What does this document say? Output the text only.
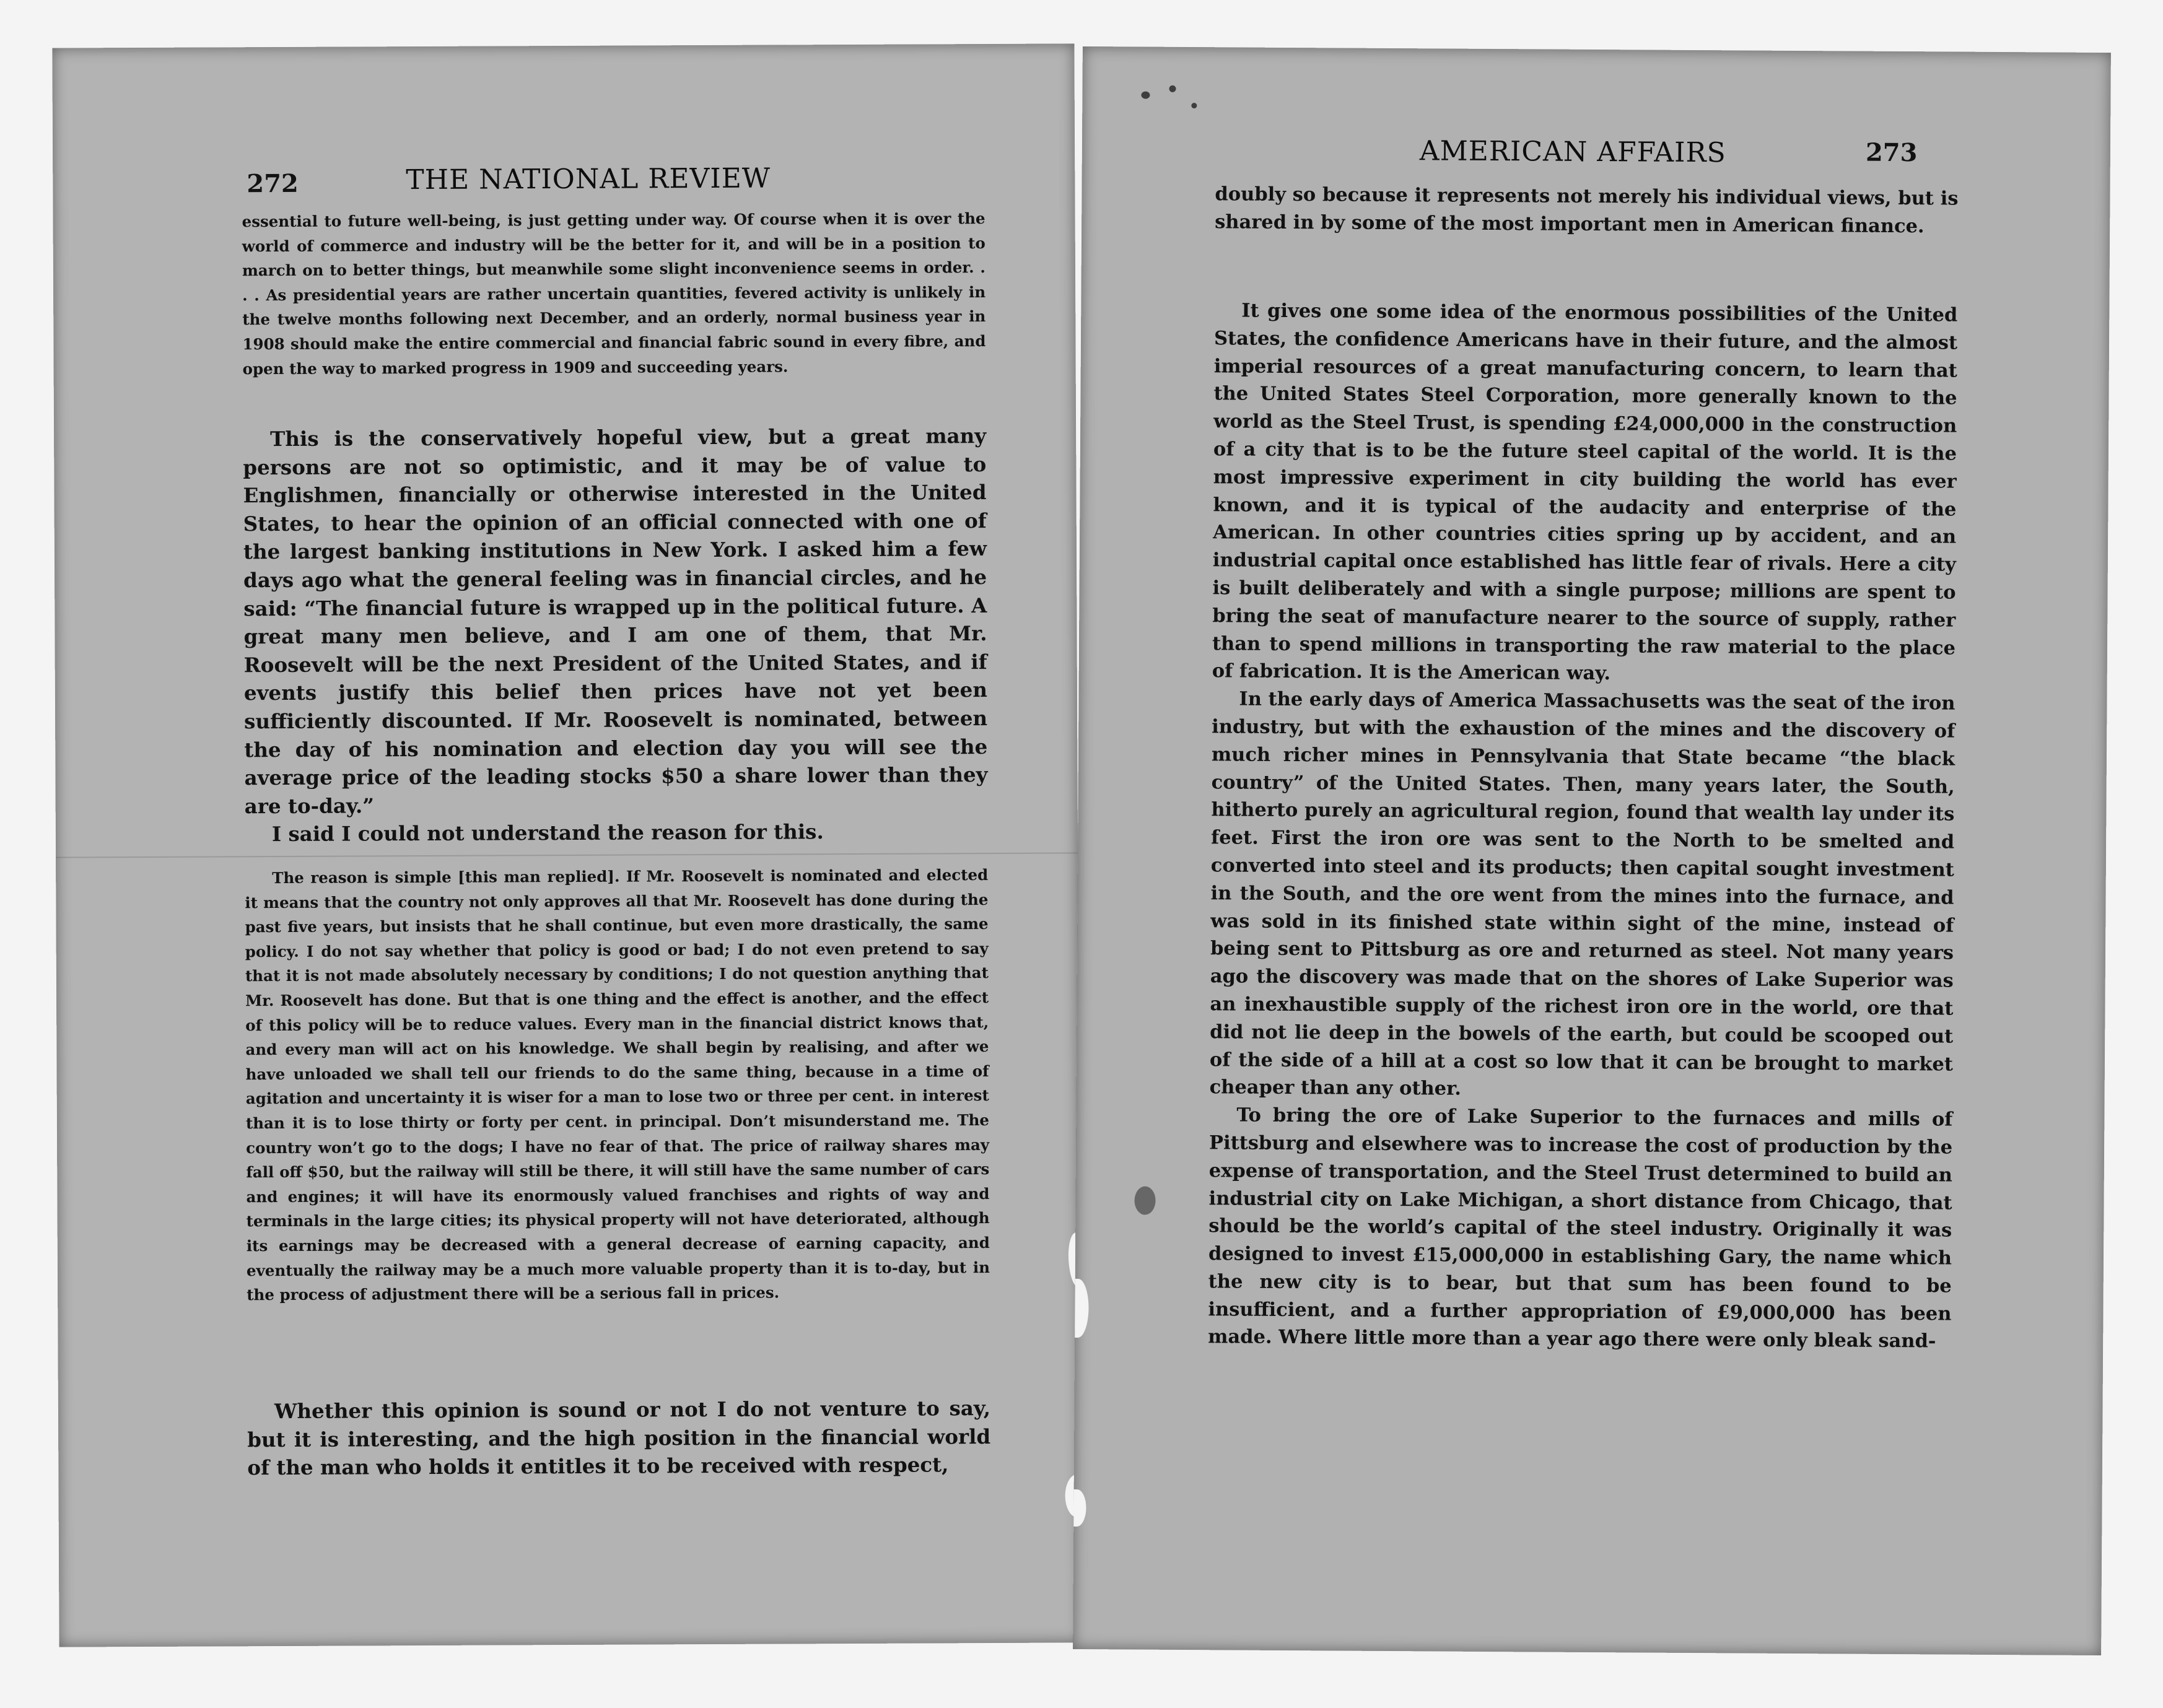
272	THE NATIONAL REVIEW

essential to future well-being, is just getting under way. Of course when it is over the world of commerce and industry will be the better for it, and will be in a position to march on to better things, but meanwhile some slight inconvenience seems in order. . . . As presidential years are rather uncertain quantities, fevered activity is unlikely in the twelve months following next December, and an orderly, normal business year in 1908 should make the entire commercial and financial fabric sound in every fibre, and open the way to marked progress in 1909 and succeeding years.

This is the conservatively hopeful view, but a great many persons are not so optimistic, and it may be of value to Englishmen, financially or otherwise interested in the United States, to hear the opinion of an official connected with one of the largest banking institutions in New York. I asked him a few days ago what the general feeling was in financial circles, and he said: “The financial future is wrapped up in the political future. A great many men believe, and I am one of them, that Mr. Roosevelt will be the next President of the United States, and if events justify this belief then prices have not yet been sufficiently discounted. If Mr. Roosevelt is nominated, between the day of his nomination and election day you will see the average price of the leading stocks $50 a share lower than they are to-day.”

I said I could not understand the reason for this.

The reason is simple [this man replied]. If Mr. Roosevelt is nominated and elected it means that the country not only approves all that Mr. Roosevelt has done during the past five years, but insists that he shall continue, but even more drastically, the same policy. I do not say whether that policy is good or bad; I do not even pretend to say that it is not made absolutely necessary by conditions; I do not question anything that Mr. Roosevelt has done. But that is one thing and the effect is another, and the effect of this policy will be to reduce values. Every man in the financial district knows that, and every man will act on his knowledge. We shall begin by realising, and after we have unloaded we shall tell our friends to do the same thing, because in a time of agitation and uncertainty it is wiser for a man to lose two or three per cent. in interest than it is to lose thirty or forty per cent. in principal. Don’t misunderstand me. The country won’t go to the dogs; I have no fear of that. The price of railway shares may fall off $50, but the railway will still be there, it will still have the same number of cars and engines; it will have its enormously valued franchises and rights of way and terminals in the large cities; its physical property will not have deteriorated, although its earnings may be decreased with a general decrease of earning capacity, and eventually the railway may be a much more valuable property than it is to-day, but in the process of adjustment there will be a serious fall in prices.

Whether this opinion is sound or not I do not venture to say, but it is interesting, and the high position in the financial world of the man who holds it entitles it to be received with respect,

AMERICAN AFFAIRS	273

doubly so because it represents not merely his individual views, but is shared in by some of the most important men in American finance.

It gives one some idea of the enormous possibilities of the United States, the confidence Americans have in their future, and the almost imperial resources of a great manufacturing concern, to learn that the United States Steel Corporation, more generally known to the world as the Steel Trust, is spending £24,000,000 in the construction of a city that is to be the future steel capital of the world. It is the most impressive experiment in city building the world has ever known, and it is typical of the audacity and enterprise of the American. In other countries cities spring up by accident, and an industrial capital once established has little fear of rivals. Here a city is built deliberately and with a single purpose; millions are spent to bring the seat of manufacture nearer to the source of supply, rather than to spend millions in transporting the raw material to the place of fabrication. It is the American way.

In the early days of America Massachusetts was the seat of the iron industry, but with the exhaustion of the mines and the discovery of much richer mines in Pennsylvania that State became “the black country” of the United States. Then, many years later, the South, hitherto purely an agricultural region, found that wealth lay under its feet. First the iron ore was sent to the North to be smelted and converted into steel and its products; then capital sought investment in the South, and the ore went from the mines into the furnace, and was sold in its finished state within sight of the mine, instead of being sent to Pittsburg as ore and returned as steel. Not many years ago the discovery was made that on the shores of Lake Superior was an inexhaustible supply of the richest iron ore in the world, ore that did not lie deep in the bowels of the earth, but could be scooped out of the side of a hill at a cost so low that it can be brought to market cheaper than any other.

To bring the ore of Lake Superior to the furnaces and mills of Pittsburg and elsewhere was to increase the cost of production by the expense of transportation, and the Steel Trust determined to build an industrial city on Lake Michigan, a short distance from Chicago, that should be the world’s capital of the steel industry. Originally it was designed to invest £15,000,000 in establishing Gary, the name which the new city is to bear, but that sum has been found to be insufficient, and a further appropriation of £9,000,000 has been made. Where little more than a year ago there were only bleak sand-
